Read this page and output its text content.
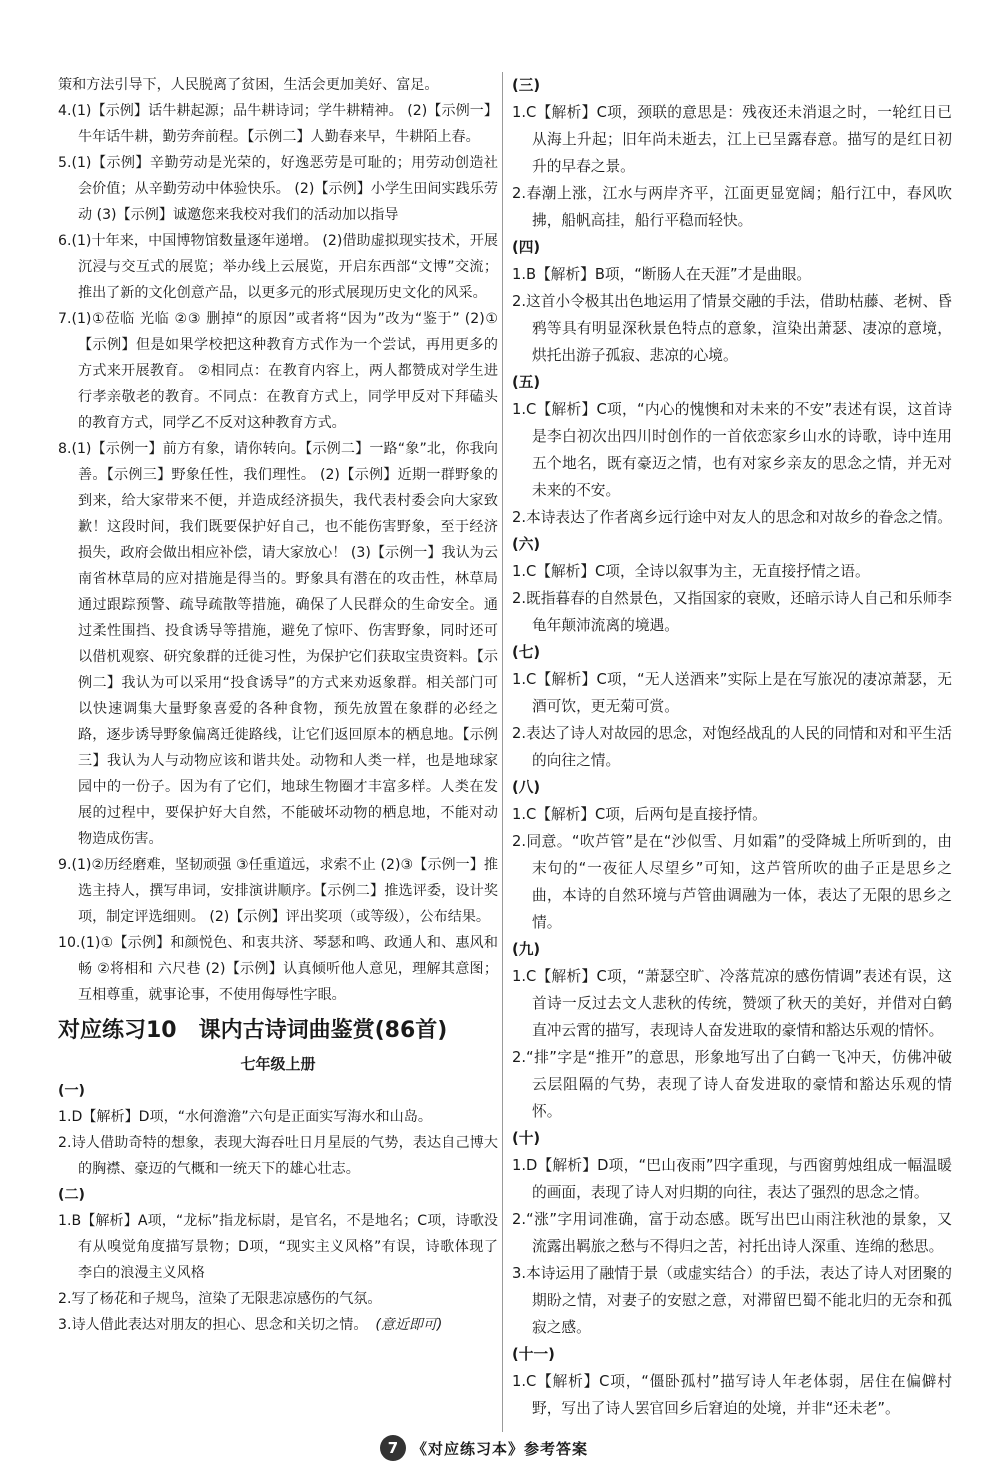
策和方法引导下，人民脱离了贫困，生活会更加美好、富足。

4.(1)【示例】话牛耕起源；品牛耕诗词；学牛耕精神。 (2)【示例一】牛年话牛耕，勤劳奔前程。【示例二】人勤春来早，牛耕陌上春。

5.(1)【示例】辛勤劳动是光荣的，好逸恶劳是可耻的；用劳动创造社会价值；从辛勤劳动中体验快乐。 (2)【示例】小学生田间实践乐劳动 (3)【示例】诚邀您来我校对我们的活动加以指导

6.(1)十年来，中国博物馆数量逐年递增。 (2)借助虚拟现实技术，开展沉浸与交互式的展览；举办线上云展览，开启东西部“文博”交流；推出了新的文化创意产品，以更多元的形式展现历史文化的风采。

7.(1)①莅临 光临 ②③ 删掉“的原因”或者将“因为”改为“鉴于” (2)①【示例】但是如果学校把这种教育方式作为一个尝试，再用更多的方式来开展教育。 ②相同点：在教育内容上，两人都赞成对学生进行孝亲敬老的教育。不同点：在教育方式上，同学甲反对下拜磕头的教育方式，同学乙不反对这种教育方式。

8.(1)【示例一】前方有象，请你转向。【示例二】一路“象”北，你我向善。【示例三】野象任性，我们理性。 (2)【示例】近期一群野象的到来，给大家带来不便，并造成经济损失，我代表村委会向大家致歉！这段时间，我们既要保护好自己，也不能伤害野象，至于经济损失，政府会做出相应补偿，请大家放心！ (3)【示例一】我认为云南省林草局的应对措施是得当的。野象具有潜在的攻击性，林草局通过跟踪预警、疏导疏散等措施，确保了人民群众的生命安全。通过柔性围挡、投食诱导等措施，避免了惊吓、伤害野象，同时还可以借机观察、研究象群的迁徙习性，为保护它们获取宝贵资料。【示例二】我认为可以采用“投食诱导”的方式来劝返象群。相关部门可以快速调集大量野象喜爱的各种食物，预先放置在象群的必经之路，逐步诱导野象偏离迁徙路线，让它们返回原本的栖息地。【示例三】我认为人与动物应该和谐共处。动物和人类一样，也是地球家园中的一份子。因为有了它们，地球生物圈才丰富多样。人类在发展的过程中，要保护好大自然，不能破坏动物的栖息地，不能对动物造成伤害。

9.(1)②历经磨难，坚韧顽强 ③任重道远，求索不止 (2)③【示例一】推选主持人，撰写串词，安排演讲顺序。【示例二】推选评委，设计奖项，制定评选细则。 (2)【示例】评出奖项（或等级），公布结果。

10.(1)①【示例】和颜悦色、和衷共济、琴瑟和鸣、政通人和、惠风和畅 ②将相和 六尺巷 (2)【示例】认真倾听他人意见，理解其意图；互相尊重，就事论事，不使用侮辱性字眼。

对应练习10　课内古诗词曲鉴赏(86首)

七年级上册

(一)

1.D【解析】D项，“水何澹澹”六句是正面实写海水和山岛。

2.诗人借助奇特的想象，表现大海吞吐日月星辰的气势，表达自己博大的胸襟、豪迈的气概和一统天下的雄心壮志。

(二)

1.B【解析】A项，“龙标”指龙标尉，是官名，不是地名；C项，诗歌没有从嗅觉角度描写景物；D项，“现实主义风格”有误，诗歌体现了李白的浪漫主义风格

2.写了杨花和子规鸟，渲染了无限悲凉感伤的气氛。

3.诗人借此表达对朋友的担心、思念和关切之情。 (意近即可)

(三)

1.C【解析】C项，颈联的意思是：残夜还未消退之时，一轮红日已从海上升起；旧年尚未逝去，江上已呈露春意。描写的是红日初升的早春之景。

2.春潮上涨，江水与两岸齐平，江面更显宽阔；船行江中，春风吹拂，船帆高挂，船行平稳而轻快。

(四)

1.B【解析】B项，“断肠人在天涯”才是曲眼。

2.这首小令极其出色地运用了情景交融的手法，借助枯藤、老树、昏鸦等具有明显深秋景色特点的意象，渲染出萧瑟、凄凉的意境，烘托出游子孤寂、悲凉的心境。

(五)

1.C【解析】C项，“内心的愧懊和对未来的不安”表述有误，这首诗是李白初次出四川时创作的一首依恋家乡山水的诗歌，诗中连用五个地名，既有豪迈之情，也有对家乡亲友的思念之情，并无对未来的不安。

2.本诗表达了作者离乡远行途中对友人的思念和对故乡的眷念之情。

(六)

1.C【解析】C项，全诗以叙事为主，无直接抒情之语。

2.既指暮春的自然景色，又指国家的衰败，还暗示诗人自己和乐师李龟年颠沛流离的境遇。

(七)

1.C【解析】C项，“无人送酒来”实际上是在写旅况的凄凉萧瑟，无酒可饮，更无菊可赏。

2.表达了诗人对故园的思念，对饱经战乱的人民的同情和对和平生活的向往之情。

(八)

1.C【解析】C项，后两句是直接抒情。

2.同意。“吹芦管”是在“沙似雪、月如霜”的受降城上所听到的，由末句的“一夜征人尽望乡”可知，这芦管所吹的曲子正是思乡之曲，本诗的自然环境与芦管曲调融为一体，表达了无限的思乡之情。

(九)

1.C【解析】C项，“萧瑟空旷、冷落荒凉的感伤情调”表述有误，这首诗一反过去文人悲秋的传统，赞颂了秋天的美好，并借对白鹤直冲云霄的描写，表现诗人奋发进取的豪情和豁达乐观的情怀。

2.“排”字是“推开”的意思，形象地写出了白鹤一飞冲天，仿佛冲破云层阻隔的气势，表现了诗人奋发进取的豪情和豁达乐观的情怀。

(十)

1.D【解析】D项，“巴山夜雨”四字重现，与西窗剪烛组成一幅温暖的画面，表现了诗人对归期的向往，表达了强烈的思念之情。

2.“涨”字用词准确，富于动态感。既写出巴山雨注秋池的景象，又流露出羁旅之愁与不得归之苦，衬托出诗人深重、连绵的愁思。

3.本诗运用了融情于景（或虚实结合）的手法，表达了诗人对团聚的期盼之情，对妻子的安慰之意，对滞留巴蜀不能北归的无奈和孤寂之感。

(十一)

1.C【解析】C项，“僵卧孤村”描写诗人年老体弱，居住在偏僻村野，写出了诗人罢官回乡后窘迫的处境，并非“还未老”。

7 《对应练习本》参考答案
